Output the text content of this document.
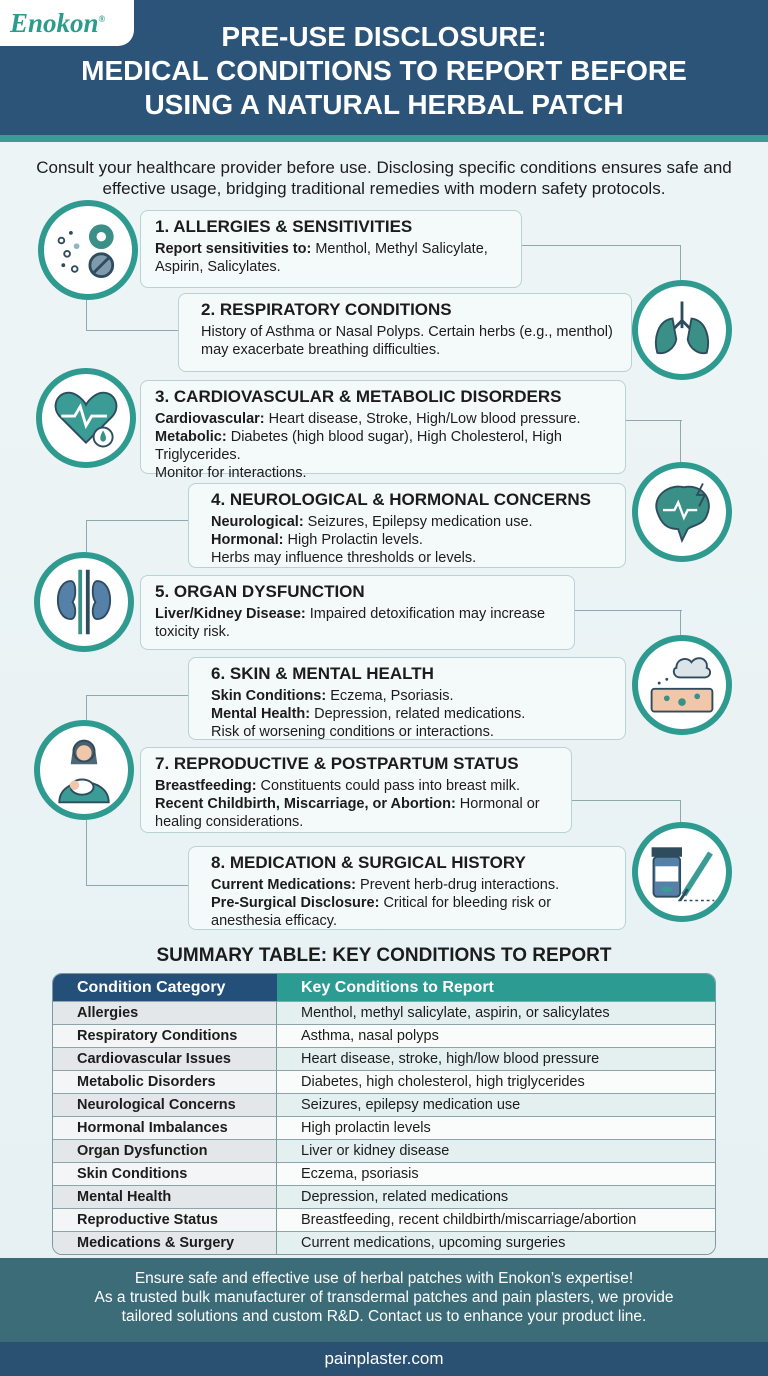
Enokon®
PRE-USE DISCLOSURE:
MEDICAL CONDITIONS TO REPORT BEFORE
USING A NATURAL HERBAL PATCH
Consult your healthcare provider before use. Disclosing specific conditions ensures safe and effective usage, bridging traditional remedies with modern safety protocols.
1. ALLERGIES & SENSITIVITIES
Report sensitivities to: Menthol, Methyl Salicylate, Aspirin, Salicylates.
2. RESPIRATORY CONDITIONS
History of Asthma or Nasal Polyps. Certain herbs (e.g., menthol) may exacerbate breathing difficulties.
3. CARDIOVASCULAR & METABOLIC DISORDERS
Cardiovascular: Heart disease, Stroke, High/Low blood pressure.
Metabolic: Diabetes (high blood sugar), High Cholesterol, High Triglycerides.
Monitor for interactions.
4. NEUROLOGICAL & HORMONAL CONCERNS
Neurological: Seizures, Epilepsy medication use.
Hormonal: High Prolactin levels.
Herbs may influence thresholds or levels.
5. ORGAN DYSFUNCTION
Liver/Kidney Disease: Impaired detoxification may increase toxicity risk.
6. SKIN & MENTAL HEALTH
Skin Conditions: Eczema, Psoriasis.
Mental Health: Depression, related medications.
Risk of worsening conditions or interactions.
7. REPRODUCTIVE & POSTPARTUM STATUS
Breastfeeding: Constituents could pass into breast milk.
Recent Childbirth, Miscarriage, or Abortion: Hormonal or healing considerations.
8. MEDICATION & SURGICAL HISTORY
Current Medications: Prevent herb-drug interactions.
Pre-Surgical Disclosure: Critical for bleeding risk or anesthesia efficacy.
SUMMARY TABLE: KEY CONDITIONS TO REPORT
Condition Category	Key Conditions to Report
Allergies	Menthol, methyl salicylate, aspirin, or salicylates
Respiratory Conditions	Asthma, nasal polyps
Cardiovascular Issues	Heart disease, stroke, high/low blood pressure
Metabolic Disorders	Diabetes, high cholesterol, high triglycerides
Neurological Concerns	Seizures, epilepsy medication use
Hormonal Imbalances	High prolactin levels
Organ Dysfunction	Liver or kidney disease
Skin Conditions	Eczema, psoriasis
Mental Health	Depression, related medications
Reproductive Status	Breastfeeding, recent childbirth/miscarriage/abortion
Medications & Surgery	Current medications, upcoming surgeries
Ensure safe and effective use of herbal patches with Enokon’s expertise!
As a trusted bulk manufacturer of transdermal patches and pain plasters, we provide
tailored solutions and custom R&D. Contact us to enhance your product line.
painplaster.com
